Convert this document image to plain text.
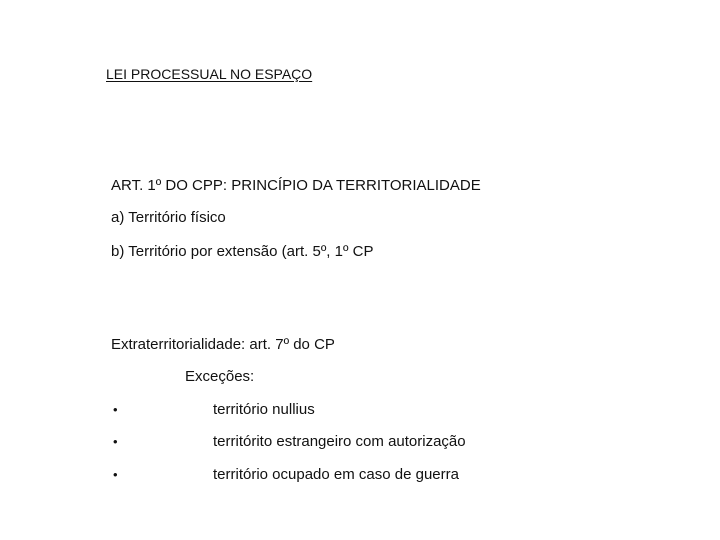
LEI PROCESSUAL NO ESPAÇO
ART. 1º DO CPP: PRINCÍPIO DA TERRITORIALIDADE
a) Território físico
b) Território por extensão (art. 5º, 1º CP
Extraterritorialidade: art. 7º do CP
Exceções:
•	território nullius
•	territórito estrangeiro com autorização
•	território ocupado em caso de guerra
